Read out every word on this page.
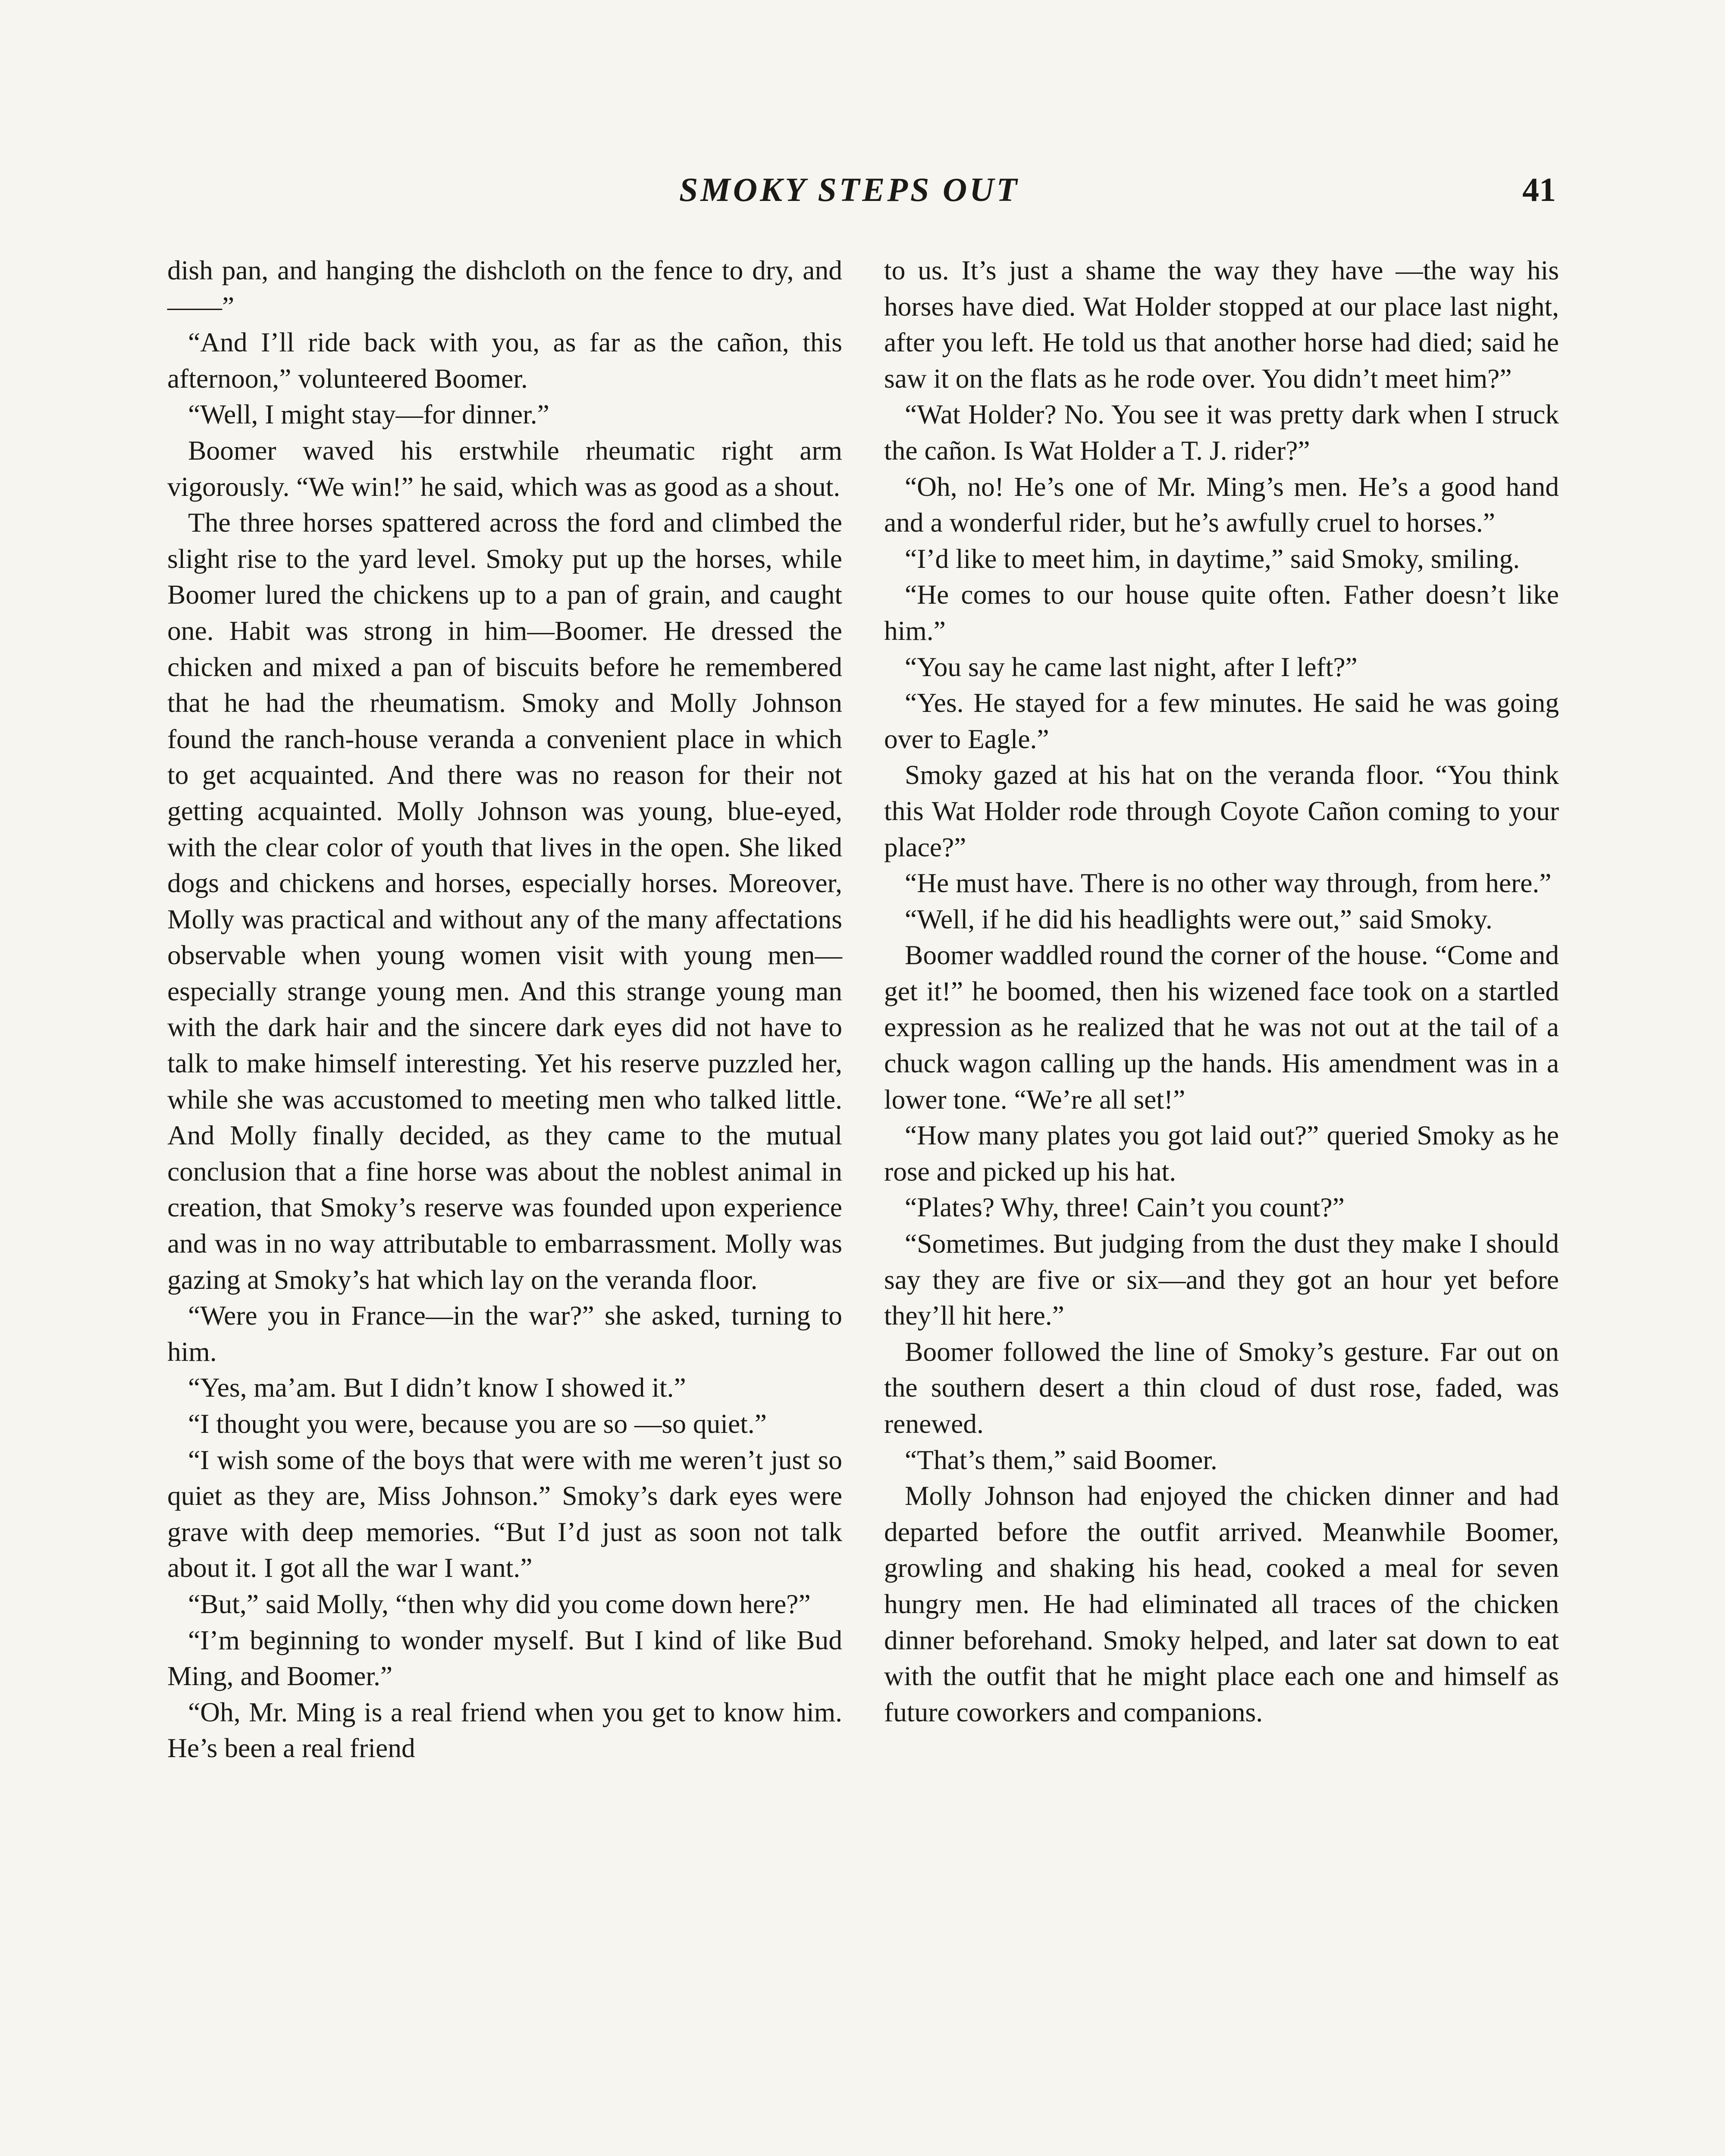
SMOKY STEPS OUT	41

dish pan, and hanging the dishcloth on the fence to dry, and——”

“And I’ll ride back with you, as far as the cañon, this afternoon,” volunteered Boomer.

“Well, I might stay—for dinner.”

Boomer waved his erstwhile rheumatic right arm vigorously. “We win!” he said, which was as good as a shout.

The three horses spattered across the ford and climbed the slight rise to the yard level. Smoky put up the horses, while Boomer lured the chickens up to a pan of grain, and caught one. Habit was strong in him—Boomer. He dressed the chicken and mixed a pan of biscuits before he remembered that he had the rheumatism. Smoky and Molly Johnson found the ranch-house veranda a convenient place in which to get acquainted. And there was no reason for their not getting acquainted. Molly Johnson was young, blue-eyed, with the clear color of youth that lives in the open. She liked dogs and chickens and horses, especially horses. Moreover, Molly was practical and without any of the many affectations observable when young women visit with young men—especially strange young men. And this strange young man with the dark hair and the sincere dark eyes did not have to talk to make himself interesting. Yet his reserve puzzled her, while she was accustomed to meeting men who talked little. And Molly finally decided, as they came to the mutual conclusion that a fine horse was about the noblest animal in creation, that Smoky’s reserve was founded upon experience and was in no way attributable to embarrassment. Molly was gazing at Smoky’s hat which lay on the veranda floor.

“Were you in France—in the war?” she asked, turning to him.

“Yes, ma’am. But I didn’t know I showed it.”

“I thought you were, because you are so —so quiet.”

“I wish some of the boys that were with me weren’t just so quiet as they are, Miss Johnson.” Smoky’s dark eyes were grave with deep memories. “But I’d just as soon not talk about it. I got all the war I want.”

“But,” said Molly, “then why did you come down here?”

“I’m beginning to wonder myself. But I kind of like Bud Ming, and Boomer.”

“Oh, Mr. Ming is a real friend when you get to know him. He’s been a real friend

to us. It’s just a shame the way they have —the way his horses have died. Wat Holder stopped at our place last night, after you left. He told us that another horse had died; said he saw it on the flats as he rode over. You didn’t meet him?”

“Wat Holder? No. You see it was pretty dark when I struck the cañon. Is Wat Holder a T. J. rider?”

“Oh, no! He’s one of Mr. Ming’s men. He’s a good hand and a wonderful rider, but he’s awfully cruel to horses.”

“I’d like to meet him, in daytime,” said Smoky, smiling.

“He comes to our house quite often. Father doesn’t like him.”

“You say he came last night, after I left?”

“Yes. He stayed for a few minutes. He said he was going over to Eagle.”

Smoky gazed at his hat on the veranda floor. “You think this Wat Holder rode through Coyote Cañon coming to your place?”

“He must have. There is no other way through, from here.”

“Well, if he did his headlights were out,” said Smoky.

Boomer waddled round the corner of the house. “Come and get it!” he boomed, then his wizened face took on a startled expression as he realized that he was not out at the tail of a chuck wagon calling up the hands. His amendment was in a lower tone. “We’re all set!”

“How many plates you got laid out?” queried Smoky as he rose and picked up his hat.

“Plates? Why, three! Cain’t you count?”

“Sometimes. But judging from the dust they make I should say they are five or six—and they got an hour yet before they’ll hit here.”

Boomer followed the line of Smoky’s gesture. Far out on the southern desert a thin cloud of dust rose, faded, was renewed.

“That’s them,” said Boomer.

Molly Johnson had enjoyed the chicken dinner and had departed before the outfit arrived. Meanwhile Boomer, growling and shaking his head, cooked a meal for seven hungry men. He had eliminated all traces of the chicken dinner beforehand. Smoky helped, and later sat down to eat with the outfit that he might place each one and himself as future coworkers and companions.
